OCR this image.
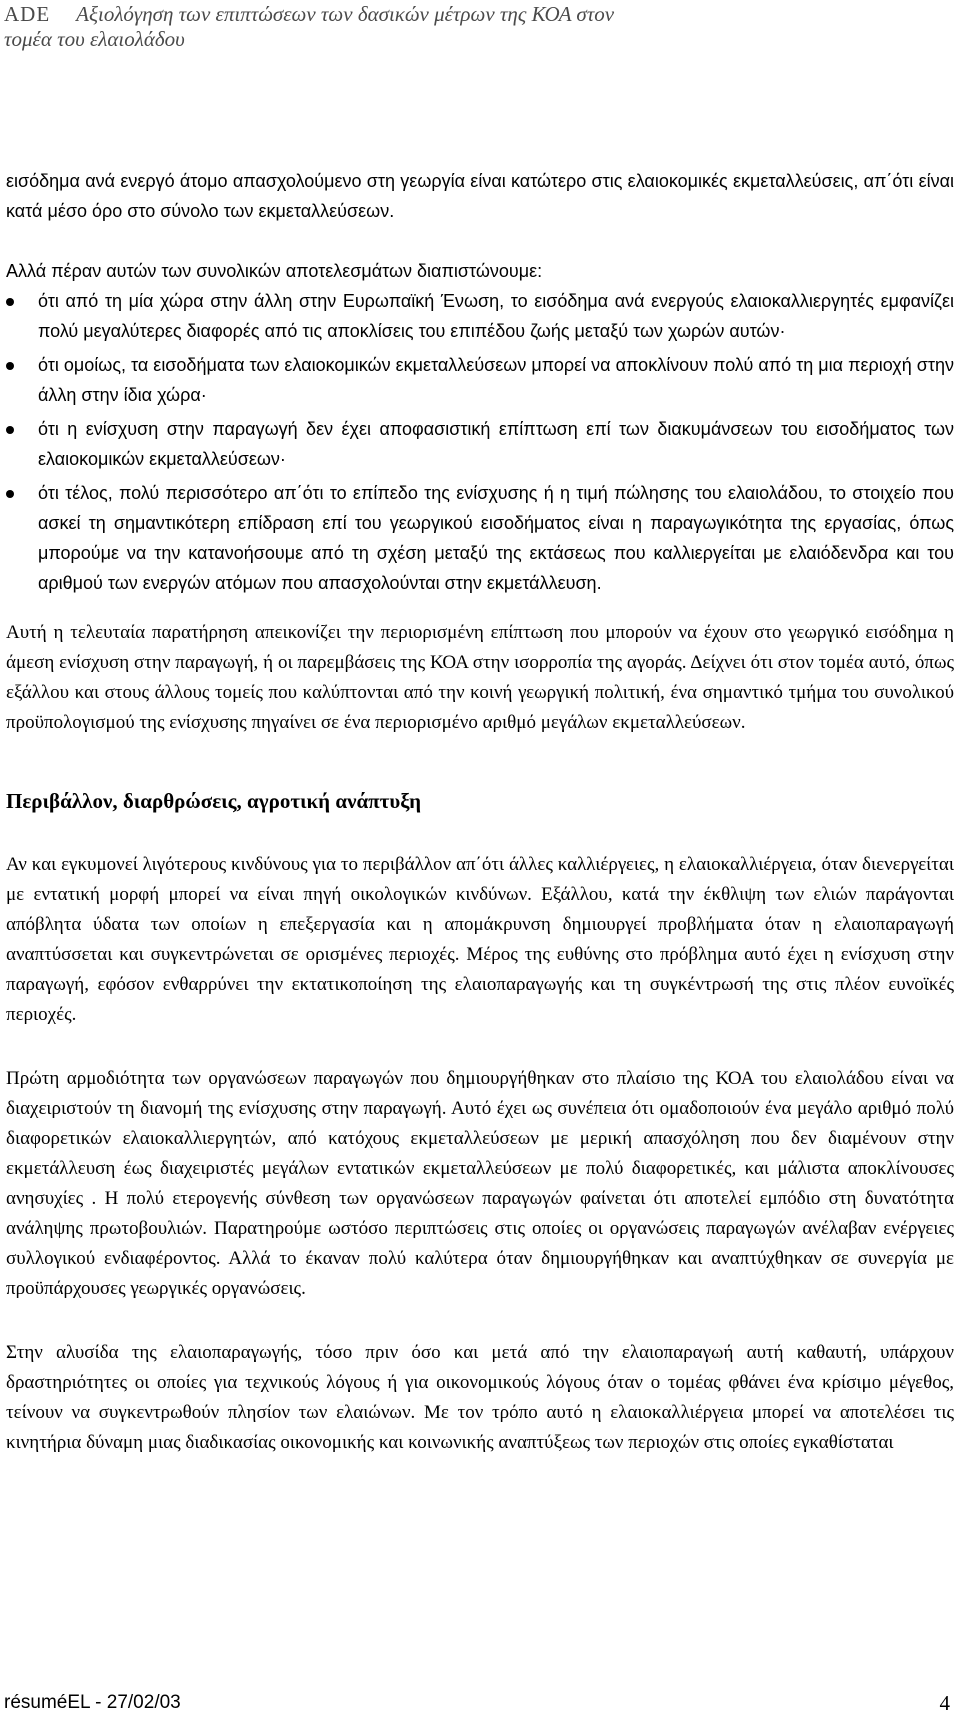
ADE Αξιολόγηση των επιπτώσεων των δασικών μέτρων της ΚΟΑ στον
τομέα του ελαιολάδου

εισόδημα ανά ενεργό άτομο απασχολούμενο στη γεωργία είναι κατώτερο στις ελαιοκομικές εκμεταλλεύσεις, απ΄ότι είναι κατά μέσο όρο στο σύνολο των εκμεταλλεύσεων.

Αλλά πέραν αυτών των συνολικών αποτελεσμάτων διαπιστώνουμε:

ότι από τη μία χώρα στην άλλη στην Ευρωπαϊκή Ένωση, το εισόδημα ανά ενεργούς ελαιοκαλλιεργητές εμφανίζει πολύ μεγαλύτερες διαφορές από τις αποκλίσεις του επιπέδου ζωής μεταξύ των χωρών αυτών·
ότι ομοίως, τα εισοδήματα των ελαιοκομικών εκμεταλλεύσεων μπορεί να αποκλίνουν πολύ από τη μια περιοχή στην άλλη στην ίδια χώρα·
ότι η ενίσχυση στην παραγωγή δεν έχει αποφασιστική επίπτωση επί των διακυμάνσεων του εισοδήματος των ελαιοκομικών εκμεταλλεύσεων·
ότι τέλος, πολύ περισσότερο απ΄ότι το επίπεδο της ενίσχυσης ή η τιμή πώλησης του ελαιολάδου, το στοιχείο που ασκεί τη σημαντικότερη επίδραση επί του γεωργικού εισοδήματος είναι η παραγωγικότητα της εργασίας, όπως μπορούμε να την κατανοήσουμε από τη σχέση μεταξύ της εκτάσεως που καλλιεργείται με ελαιόδενδρα και του αριθμού των ενεργών ατόμων που απασχολούνται στην εκμετάλλευση.

Αυτή η τελευταία παρατήρηση απεικονίζει την περιορισμένη επίπτωση που μπορούν να έχουν στο γεωργικό εισόδημα η άμεση ενίσχυση στην παραγωγή, ή οι παρεμβάσεις της ΚΟΑ στην ισορροπία της αγοράς. Δείχνει ότι στον τομέα αυτό, όπως εξάλλου και στους άλλους τομείς που καλύπτονται από την κοινή γεωργική πολιτική, ένα σημαντικό τμήμα του συνολικού προϋπολογισμού της ενίσχυσης πηγαίνει σε ένα περιορισμένο αριθμό μεγάλων εκμεταλλεύσεων.

Περιβάλλον, διαρθρώσεις, αγροτική ανάπτυξη

Αν και εγκυμονεί λιγότερους κινδύνους για το περιβάλλον απ΄ότι άλλες καλλιέργειες, η ελαιοκαλλιέργεια, όταν διενεργείται με εντατική μορφή μπορεί να είναι πηγή οικολογικών κινδύνων. Εξάλλου, κατά την έκθλιψη των ελιών παράγονται απόβλητα ύδατα των οποίων η επεξεργασία και η απομάκρυνση δημιουργεί προβλήματα όταν η ελαιοπαραγωγή αναπτύσσεται και συγκεντρώνεται σε ορισμένες περιοχές. Μέρος της ευθύνης στο πρόβλημα αυτό έχει η ενίσχυση στην παραγωγή, εφόσον ενθαρρύνει την εκτατικοποίηση της ελαιοπαραγωγής και τη συγκέντρωσή της στις πλέον ευνοϊκές περιοχές.

Πρώτη αρμοδιότητα των οργανώσεων παραγωγών που δημιουργήθηκαν στο πλαίσιο της ΚΟΑ του ελαιολάδου είναι να διαχειριστούν τη διανομή της ενίσχυσης στην παραγωγή. Αυτό έχει ως συνέπεια ότι ομαδοποιούν ένα μεγάλο αριθμό πολύ διαφορετικών ελαιοκαλλιεργητών, από κατόχους εκμεταλλεύσεων με μερική απασχόληση που δεν διαμένουν στην εκμετάλλευση έως διαχειριστές μεγάλων εντατικών εκμεταλλεύσεων με πολύ διαφορετικές, και μάλιστα αποκλίνουσες ανησυχίες . Η πολύ ετερογενής σύνθεση των οργανώσεων παραγωγών φαίνεται ότι αποτελεί εμπόδιο στη δυνατότητα ανάληψης πρωτοβουλιών. Παρατηρούμε ωστόσο περιπτώσεις στις οποίες οι οργανώσεις παραγωγών ανέλαβαν ενέργειες συλλογικού ενδιαφέροντος. Αλλά το έκαναν πολύ καλύτερα όταν δημιουργήθηκαν και αναπτύχθηκαν σε συνεργία με προϋπάρχουσες γεωργικές οργανώσεις.

Στην αλυσίδα της ελαιοπαραγωγής, τόσο πριν όσο και μετά από την ελαιοπαραγωή αυτή καθαυτή, υπάρχουν δραστηριότητες οι οποίες για τεχνικούς λόγους ή για οικονομικούς λόγους όταν ο τομέας φθάνει ένα κρίσιμο μέγεθος, τείνουν να συγκεντρωθούν πλησίον των ελαιώνων. Με τον τρόπο αυτό η ελαιοκαλλιέργεια μπορεί να αποτελέσει τις κινητήρια δύναμη μιας διαδικασίας οικονομικής και κοινωνικής αναπτύξεως των περιοχών στις οποίες εγκαθίσταται

résuméEL - 27/02/03	4
